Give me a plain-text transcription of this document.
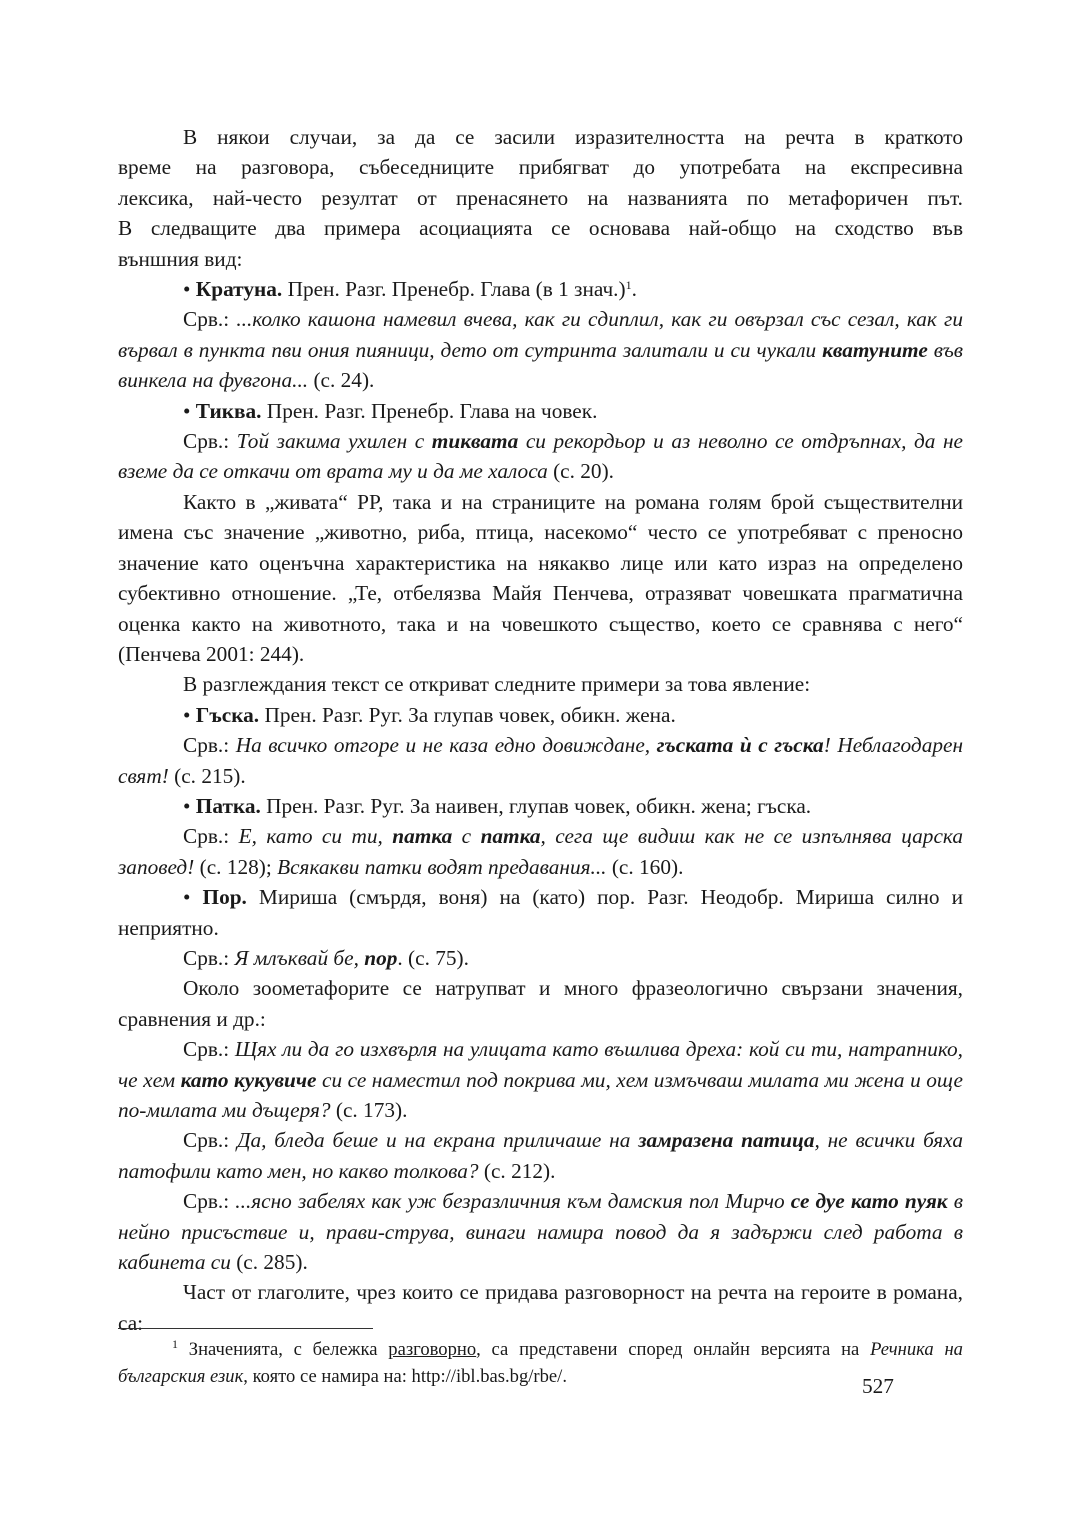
В някои случаи, за да се засили изразителността на речта в краткото
време на разговора, събеседниците прибягват до употребата на експресивна
лексика, най-често резултат от пренасянето на названията по метафоричен път.
В следващите два примера асоциацията се основава най-общо на сходство във
външния вид:

• Кратуна. Прен. Разг. Пренебр. Глава (в 1 знач.)$^1$.

Срв.: ...колко кашона намевил вчева, как ги сдиплил, как ги овързал със сезал, как ги вървал в пункта пви ония пияници, дето от сутринта залитали и си чукали кватуните във винкела на фувгона... (с. 24).

• Тиква. Прен. Разг. Пренебр. Глава на човек.

Срв.: Той закима ухилен с тиквата си рекордьор и аз неволно се отдръпнах, да не вземе да се откачи от врата му и да ме халоса (с. 20).

Както в „живата“ РР, така и на страниците на романа голям брой съществителни имена със значение „животно, риба, птица, насекомо“ често се употребяват с преносно значение като оценъчна характеристика на някакво лице или като израз на определено субективно отношение. „Те, отбелязва Майя Пенчева, отразяват човешката прагматична оценка както на животното, така и на човешкото същество, което се сравнява с него“ (Пенчева 2001: 244).

В разглеждания текст се откриват следните примери за това явление:

• Гъска. Прен. Разг. Руг. За глупав човек, обикн. жена.

Срв.: На всичко отгоре и не каза едно довиждане, гъската ѝ с гъска! Неблагодарен свят! (с. 215).

• Патка. Прен. Разг. Руг. За наивен, глупав човек, обикн. жена; гъска.

Срв.: Е, като си ти, патка с патка, сега ще видиш как не се изпълнява царска заповед! (с. 128); Всякакви патки водят предавания... (с. 160).

• Пор. Мириша (смърдя, воня) на (като) пор. Разг. Неодобр. Мириша силно и неприятно.

Срв.: Я млъквай бе, пор. (с. 75).

Около зоометафорите се натрупват и много фразеологично свързани значения, сравнения и др.:

Срв.: Щях ли да го изхвърля на улицата като въшлива дреха: кой си ти, натрапнико, че хем като кукувиче си се наместил под покрива ми, хем измъчваш милата ми жена и още по-милата ми дъщеря? (с. 173).

Срв.: Да, бледа беше и на екрана приличаше на замразена патица, не всички бяха патофили като мен, но какво толкова? (с. 212).

Срв.: ...ясно забелях как уж безразличния към дамския пол Мирчо се дуе като пуяк в нейно присъствие и, прави-струва, винаги намира повод да я задържи след работа в кабинета си (с. 285).

Част от глаголите, чрез които се придава разговорност на речта на героите в романа, са:

$^1$ Значенията, с бележка разговорно, са представени според онлайн версията на Речника на българския език, която се намира на: http://ibl.bas.bg/rbe/.	527
